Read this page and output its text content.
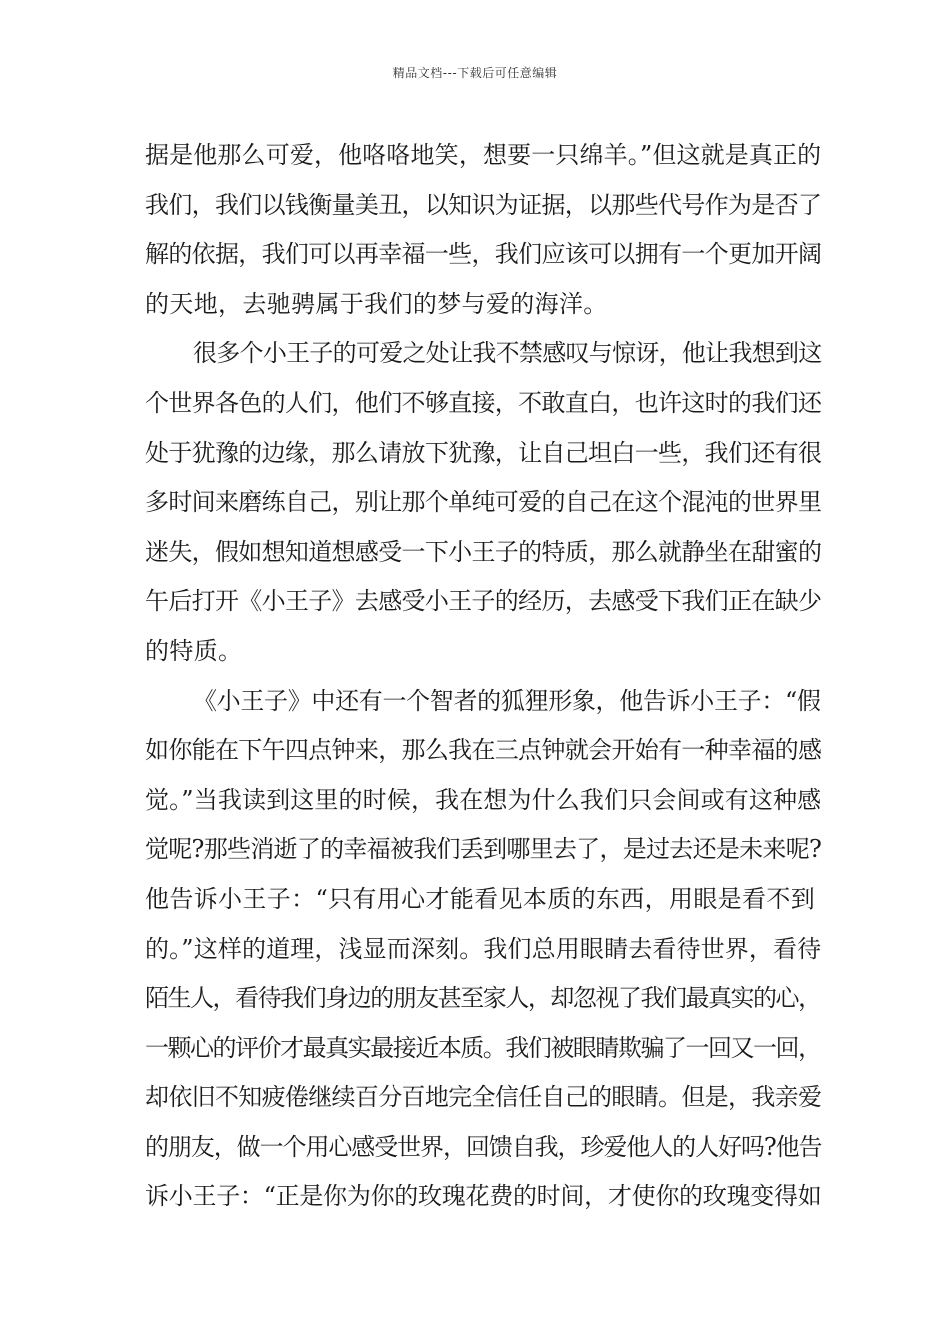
精品文档---下载后可任意编辑
据是他那么可爱，他咯咯地笑，想要一只绵羊。”但这就是真正的
我们，我们以钱衡量美丑，以知识为证据，以那些代号作为是否了
解的依据，我们可以再幸福一些，我们应该可以拥有一个更加开阔
的天地，去驰骋属于我们的梦与爱的海洋。
很多个小王子的可爱之处让我不禁感叹与惊讶，他让我想到这
个世界各色的人们，他们不够直接，不敢直白，也许这时的我们还
处于犹豫的边缘，那么请放下犹豫，让自己坦白一些，我们还有很
多时间来磨练自己，别让那个单纯可爱的自己在这个混沌的世界里
迷失，假如想知道想感受一下小王子的特质，那么就静坐在甜蜜的
午后打开《小王子》去感受小王子的经历，去感受下我们正在缺少
的特质。
《小王子》中还有一个智者的狐狸形象，他告诉小王子：“假
如你能在下午四点钟来，那么我在三点钟就会开始有一种幸福的感
觉。”当我读到这里的时候，我在想为什么我们只会间或有这种感
觉呢?那些消逝了的幸福被我们丢到哪里去了，是过去还是未来呢?
他告诉小王子：“只有用心才能看见本质的东西，用眼是看不到
的。”这样的道理，浅显而深刻。我们总用眼睛去看待世界，看待
陌生人，看待我们身边的朋友甚至家人，却忽视了我们最真实的心，
一颗心的评价才最真实最接近本质。我们被眼睛欺骗了一回又一回，
却依旧不知疲倦继续百分百地完全信任自己的眼睛。但是，我亲爱
的朋友，做一个用心感受世界，回馈自我，珍爱他人的人好吗?他告
诉小王子：“正是你为你的玫瑰花费的时间，才使你的玫瑰变得如
